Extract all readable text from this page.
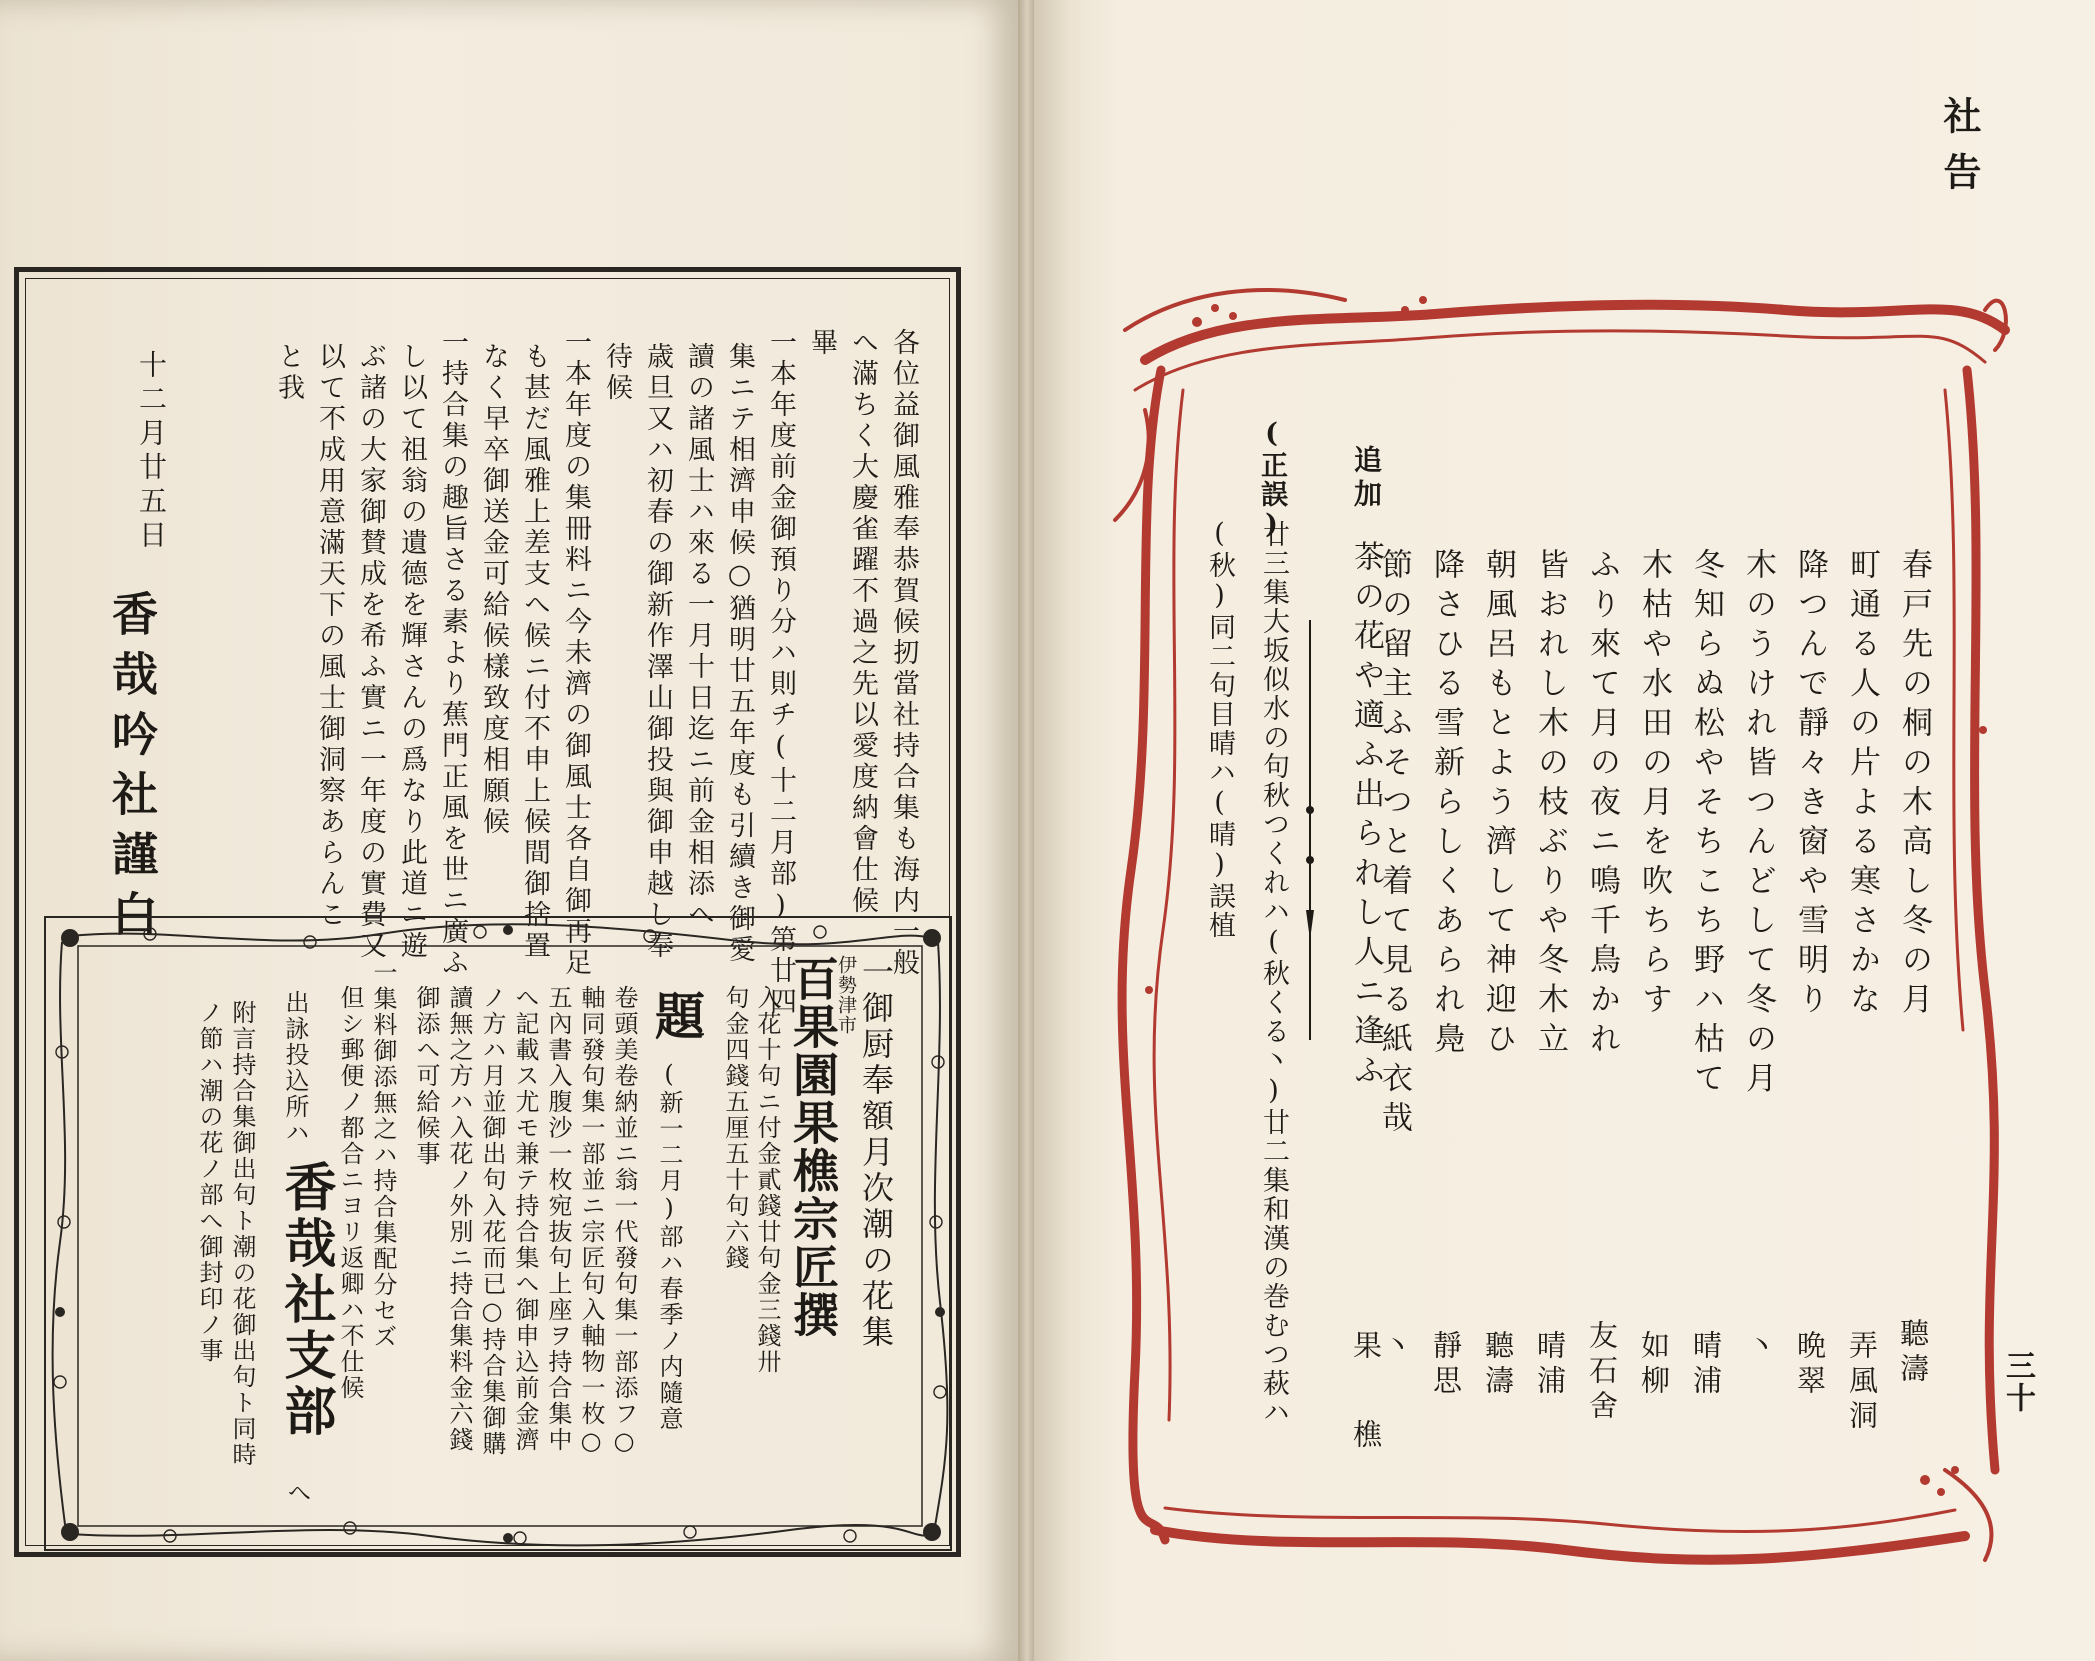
社告
各位益御風雅奉恭賀候扨當社持合集も海内一般
へ滿ちく大慶雀躍不過之先以愛度納會仕候
畢
一本年度前金御預り分ハ則チ(十二月部)第廿四
集ニテ相濟申候○猶明廿五年度も引續き御愛
讀の諸風士ハ來る一月十日迄ニ前金相添へ
歳旦又ハ初春の御新作澤山御投與御申越し奉
待候
一本年度の集冊料ニ今未濟の御風士各自御再足
も甚だ風雅上差支へ候ニ付不申上候間御捨置
なく早卒御送金可給候樣致度相願候
一持合集の趣旨さる素より蕉門正風を世ニ廣ふ
し以て祖翁の遺德を輝さんの爲なり此道ニ遊
ぶ諸の大家御賛成を希ふ實ニ一年度の實費又
以て不成用意滿天下の風士御洞察あらんこ
と我
十二月廿五日
香哉吟社謹白
伊勢津市 一御厨奉額月次潮の花集
百果園果樵宗匠撰
入花十句ニ付金貳錢廿句金三錢卅
句金四錢五厘五十句六錢
題
(新一二月)部ハ春季ノ内隨意
卷頭美卷納並ニ翁一代發句集一部添フ○
軸同發句集一部並ニ宗匠句入軸物一枚○
五內書入腹沙一枚宛抜句上座ヲ持合集中
へ記載ス尤モ兼テ持合集へ御申込前金濟
ノ方ハ月並御出句入花而已○持合集御購
讀無之方ハ入花ノ外別ニ持合集料金六錢
御添へ可給候事
一集料御添無之ハ持合集配分セズ
但シ郵便ノ都合ニヨリ返卿ハ不仕候
出詠投込所ハ
香哉社支部
へ
附言持合集御出句ト潮の花御出句ト同時
ノ節ハ潮の花ノ部へ御封印ノ事
三十
春戸先の桐の木高し冬の月
聽濤
町通る人の片よる寒さかな
弄風洞
降つんで靜々き窗や雪明り
晩翠
木のうけれ皆つんどして冬の月
丶
冬知らぬ松やそちこち野ハ枯て
晴浦
木枯や水田の月を吹ちらす
如柳
ふり來て月の夜ニ鳴千鳥かれ
友石舍
皆おれし木の枝ぶりや冬木立
晴浦
朝風呂もとよう濟して神迎ひ
聽濤
降さひる雪新らしくあられ鳧
靜思
節の留主ふそつと着て見る紙衣哉
丶
追加
茶の花や適ふ出られし人ニ逢ふ
果樵
(正誤)
廿三集大坂似水の句秋つくれハ(秋くる丶)廿二集和漢の巻むつ萩ハ
(秋)同二句目晴ハ(晴)誤植
